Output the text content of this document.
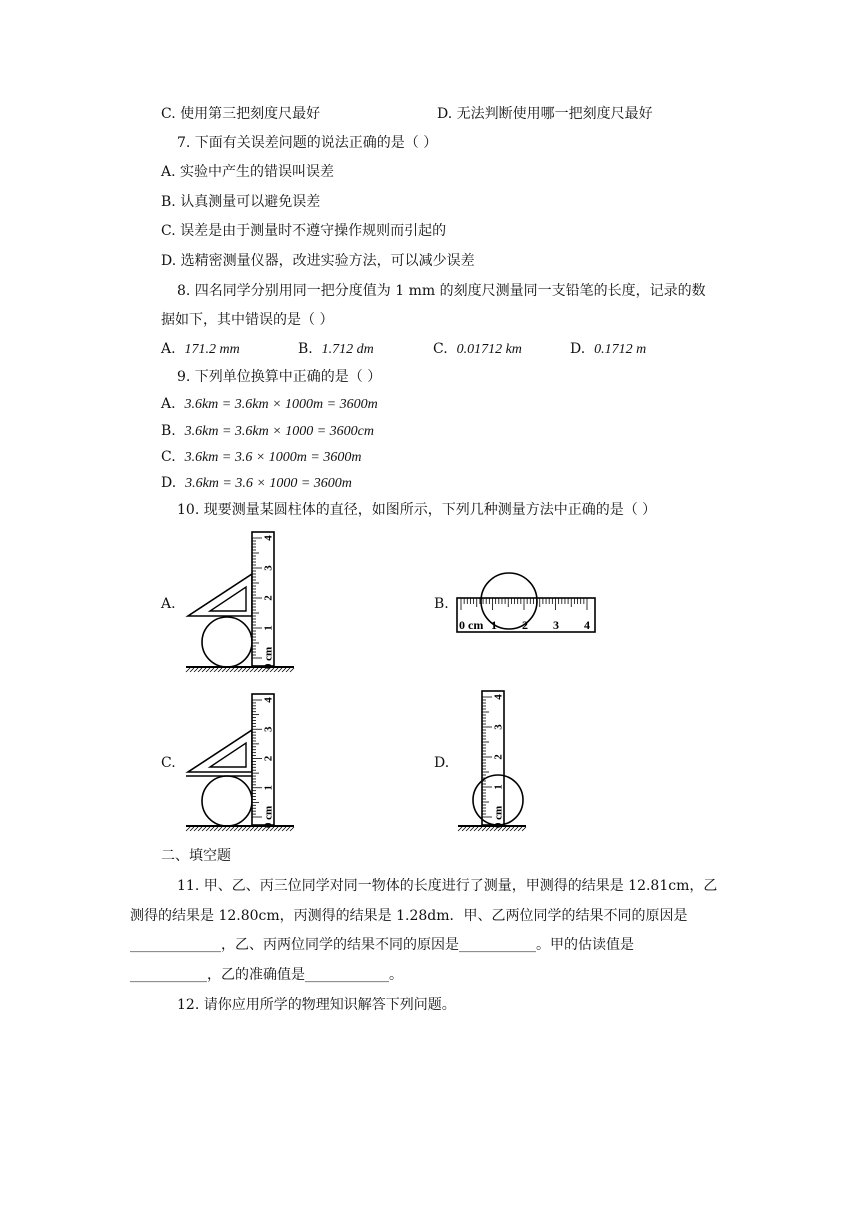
C. 使用第三把刻度尺最好	D. 无法判断使用哪一把刻度尺最好
7. 下面有关误差问题的说法正确的是（ ）
A. 实验中产生的错误叫误差
B. 认真测量可以避免误差
C. 误差是由于测量时不遵守操作规则而引起的
D. 选精密测量仪器，改进实验方法，可以减少误差
8. 四名同学分别用同一把分度值为 1 mm 的刻度尺测量同一支铅笔的长度，记录的数
据如下，其中错误的是（ ）
A. 171.2 mm	B. 1.712 dm	C. 0.01712 km	D. 0.1712 m
9. 下列单位换算中正确的是（ ）
A. 3.6km = 3.6km × 1000m = 3600m
B. 3.6km = 3.6km × 1000 = 3600cm
C. 3.6km = 3.6 × 1000m = 3600m
D. 3.6km = 3.6 × 1000 = 3600m
10. 现要测量某圆柱体的直径，如图所示，下列几种测量方法中正确的是（ ）
A.	B.
C.	D.
0 cm
1
2
3
4
0 cm 1 2 3 4
0 cm
1
2
3
4
0 cm
1
2
3
4
二、填空题
11. 甲、乙、丙三位同学对同一物体的长度进行了测量，甲测得的结果是 12.81cm，乙
测得的结果是 12.80cm，丙测得的结果是 1.28dm．甲、乙两位同学的结果不同的原因是
_____________，乙、丙两位同学的结果不同的原因是___________。甲的估读值是
___________，乙的准确值是____________。
12. 请你应用所学的物理知识解答下列问题。
